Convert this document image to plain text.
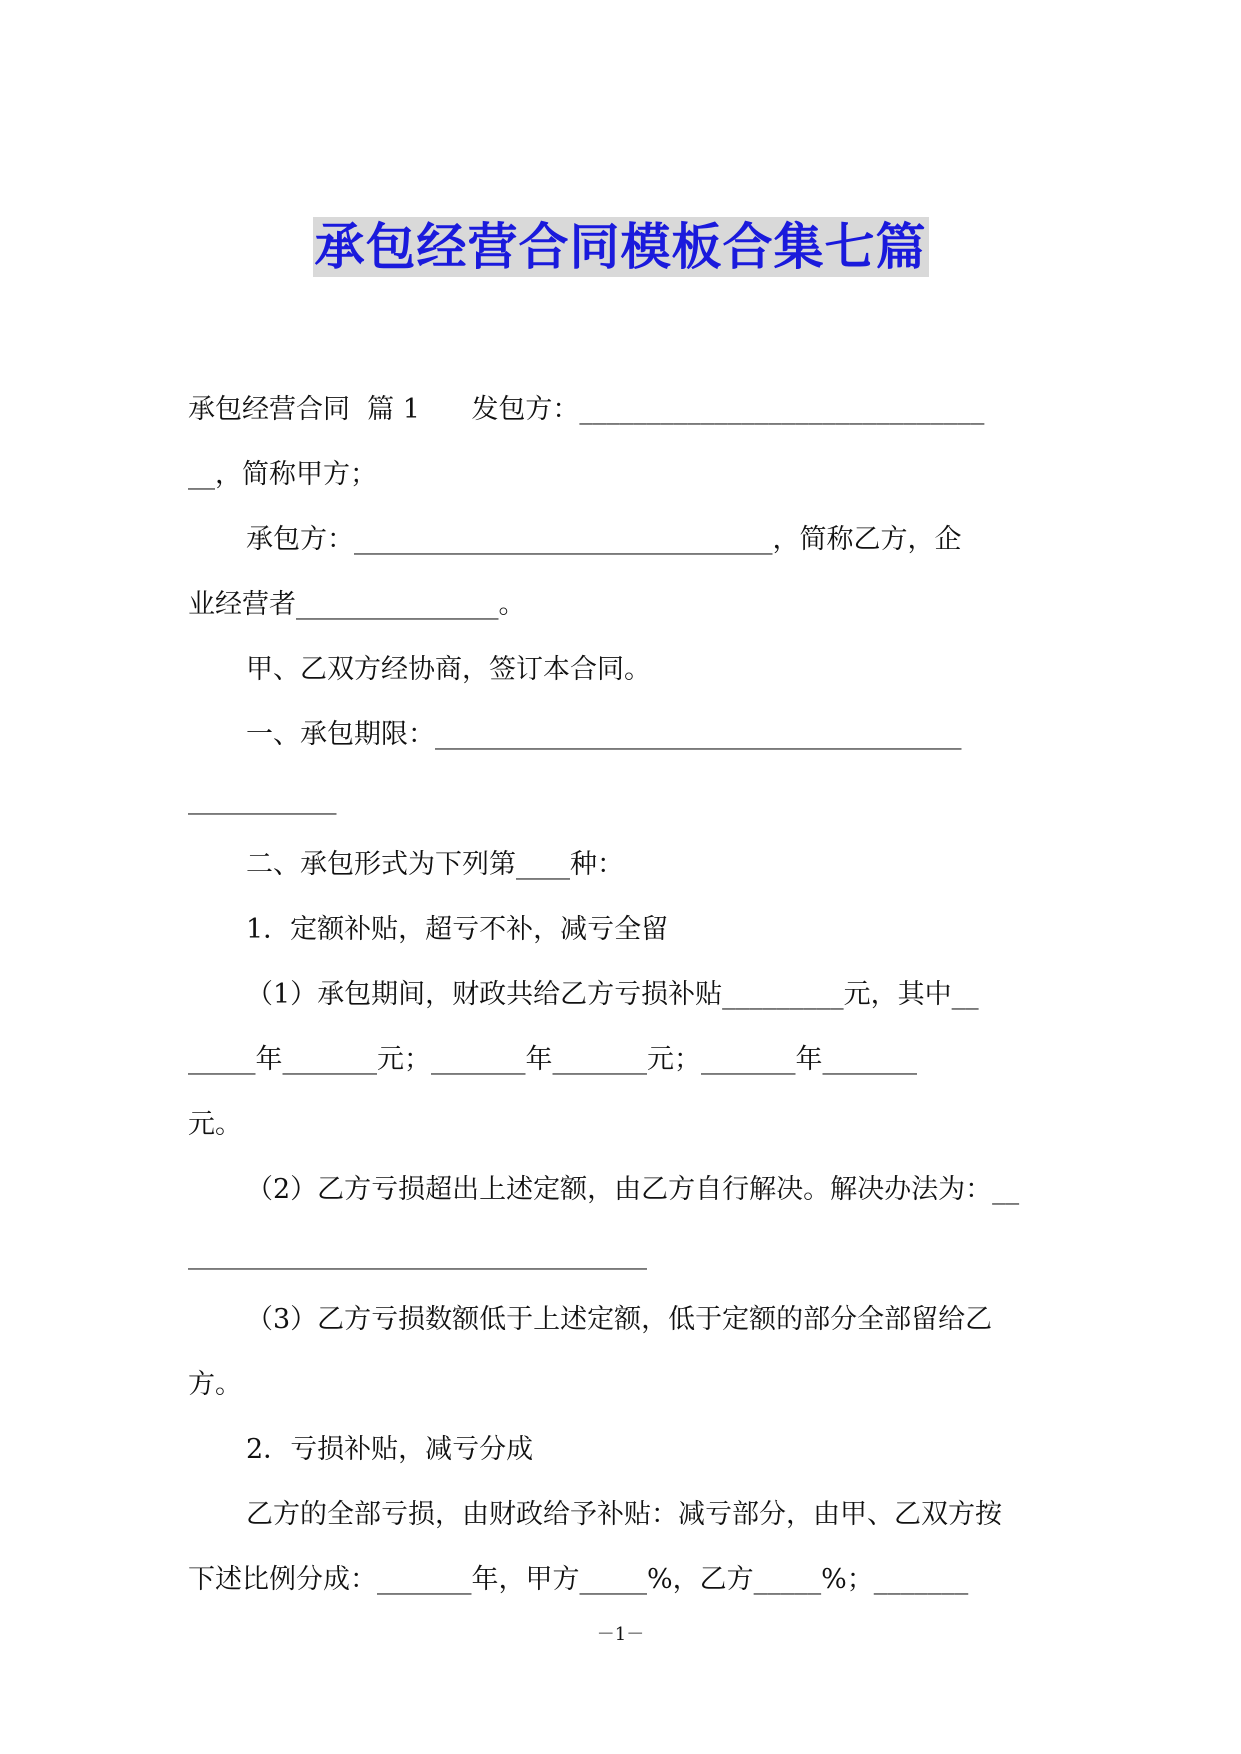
承包经营合同模板合集七篇
承包经营合同  篇 1      发包方：______________________________
__，简称甲方；
承包方：_______________________________，简称乙方，企
业经营者_______________。
甲、乙双方经协商，签订本合同。
一、承包期限：_______________________________________
___________
二、承包形式为下列第____种：
1．定额补贴，超亏不补，减亏全留
（1）承包期间，财政共给乙方亏损补贴_________元，其中__
_____年_______元；_______年_______元；_______年_______
元。
（2）乙方亏损超出上述定额，由乙方自行解决。解决办法为：__
__________________________________
（3）乙方亏损数额低于上述定额，低于定额的部分全部留给乙
方。
2．亏损补贴，减亏分成
乙方的全部亏损，由财政给予补贴：减亏部分，由甲、乙双方按
下述比例分成：_______年，甲方_____%，乙方_____%；_______
－1－
